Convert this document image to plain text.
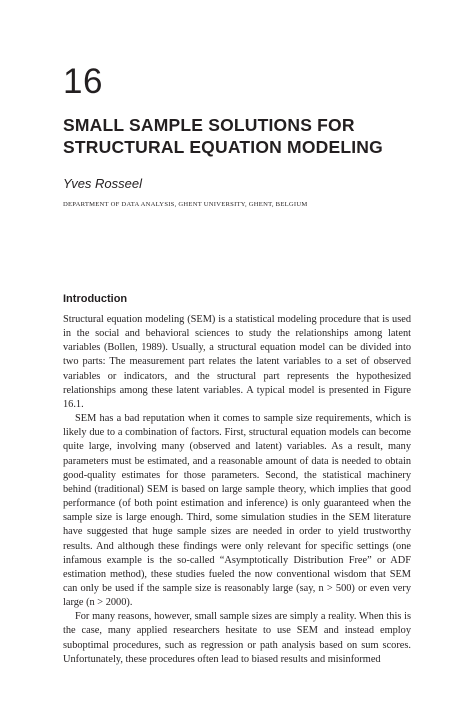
16
SMALL SAMPLE SOLUTIONS FOR
STRUCTURAL EQUATION MODELING
Yves Rosseel
DEPARTMENT OF DATA ANALYSIS, GHENT UNIVERSITY, GHENT, BELGIUM
Introduction

Structural equation modeling (SEM) is a statistical modeling procedure that is used in the social and behavioral sciences to study the relationships among latent variables (Bollen, 1989). Usually, a structural equation model can be divided into two parts: The measurement part relates the latent variables to a set of observed variables or indicators, and the structural part represents the hypothesized relationships among these latent variables. A typical model is presented in Figure 16.1.

SEM has a bad reputation when it comes to sample size requirements, which is likely due to a combination of factors. First, structural equation models can become quite large, involving many (observed and latent) variables. As a result, many parameters must be estimated, and a reasonable amount of data is needed to obtain good-quality estimates for those parameters. Second, the statistical machinery behind (traditional) SEM is based on large sample theory, which implies that good performance (of both point estimation and inference) is only guaranteed when the sample size is large enough. Third, some simulation studies in the SEM literature have suggested that huge sample sizes are needed in order to yield trustworthy results. And although these findings were only relevant for specific settings (one infamous example is the so-called “Asymptotically Distribution Free” or ADF estimation method), these studies fueled the now conventional wisdom that SEM can only be used if the sample size is reasonably large (say, n > 500) or even very large (n > 2000).

For many reasons, however, small sample sizes are simply a reality. When this is the case, many applied researchers hesitate to use SEM and instead employ suboptimal procedures, such as regression or path analysis based on sum scores. Unfortunately, these procedures often lead to biased results and misinformed
